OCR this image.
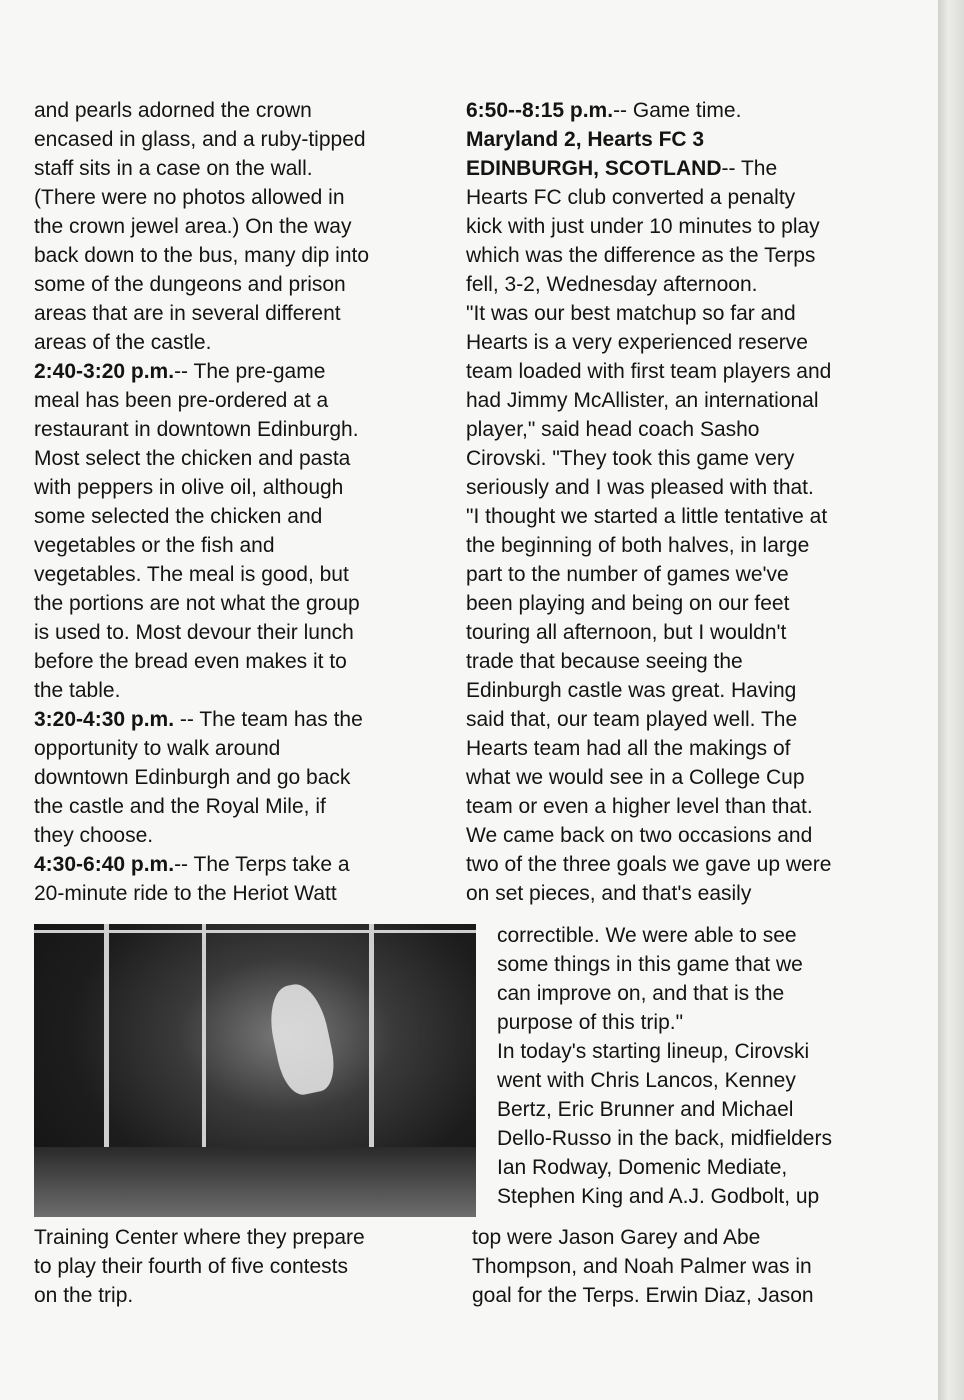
and pearls adorned the crown
encased in glass, and a ruby-tipped
staff sits in a case on the wall.
(There were no photos allowed in
the crown jewel area.) On the way
back down to the bus, many dip into
some of the dungeons and prison
areas that are in several different
areas of the castle.
2:40-3:20 p.m.-- The pre-game
meal has been pre-ordered at a
restaurant in downtown Edinburgh.
Most select the chicken and pasta
with peppers in olive oil, although
some selected the chicken and
vegetables or the fish and
vegetables. The meal is good, but
the portions are not what the group
is used to. Most devour their lunch
before the bread even makes it to
the table.
3:20-4:30 p.m. -- The team has the
opportunity to walk around
downtown Edinburgh and go back
the castle and the Royal Mile, if
they choose.
4:30-6:40 p.m.-- The Terps take a
20-minute ride to the Heriot Watt
Training Center where they prepare
to play their fourth of five contests
on the trip.
6:50--8:15 p.m.-- Game time.
Maryland 2, Hearts FC 3
EDINBURGH, SCOTLAND-- The
Hearts FC club converted a penalty
kick with just under 10 minutes to play
which was the difference as the Terps
fell, 3-2, Wednesday afternoon.
"It was our best matchup so far and
Hearts is a very experienced reserve
team loaded with first team players and
had Jimmy McAllister, an international
player," said head coach Sasho
Cirovski. "They took this game very
seriously and I was pleased with that.
"I thought we started a little tentative at
the beginning of both halves, in large
part to the number of games we've
been playing and being on our feet
touring all afternoon, but I wouldn't
trade that because seeing the
Edinburgh castle was great. Having
said that, our team played well. The
Hearts team had all the makings of
what we would see in a College Cup
team or even a higher level than that.
We came back on two occasions and
two of the three goals we gave up were
on set pieces, and that's easily
correctible. We were able to see
some things in this game that we
can improve on, and that is the
purpose of this trip."
In today's starting lineup, Cirovski
went with Chris Lancos, Kenney
Bertz, Eric Brunner and Michael
Dello-Russo in the back, midfielders
Ian Rodway, Domenic Mediate,
Stephen King and A.J. Godbolt, up
top were Jason Garey and Abe
Thompson, and Noah Palmer was in
goal for the Terps. Erwin Diaz, Jason
